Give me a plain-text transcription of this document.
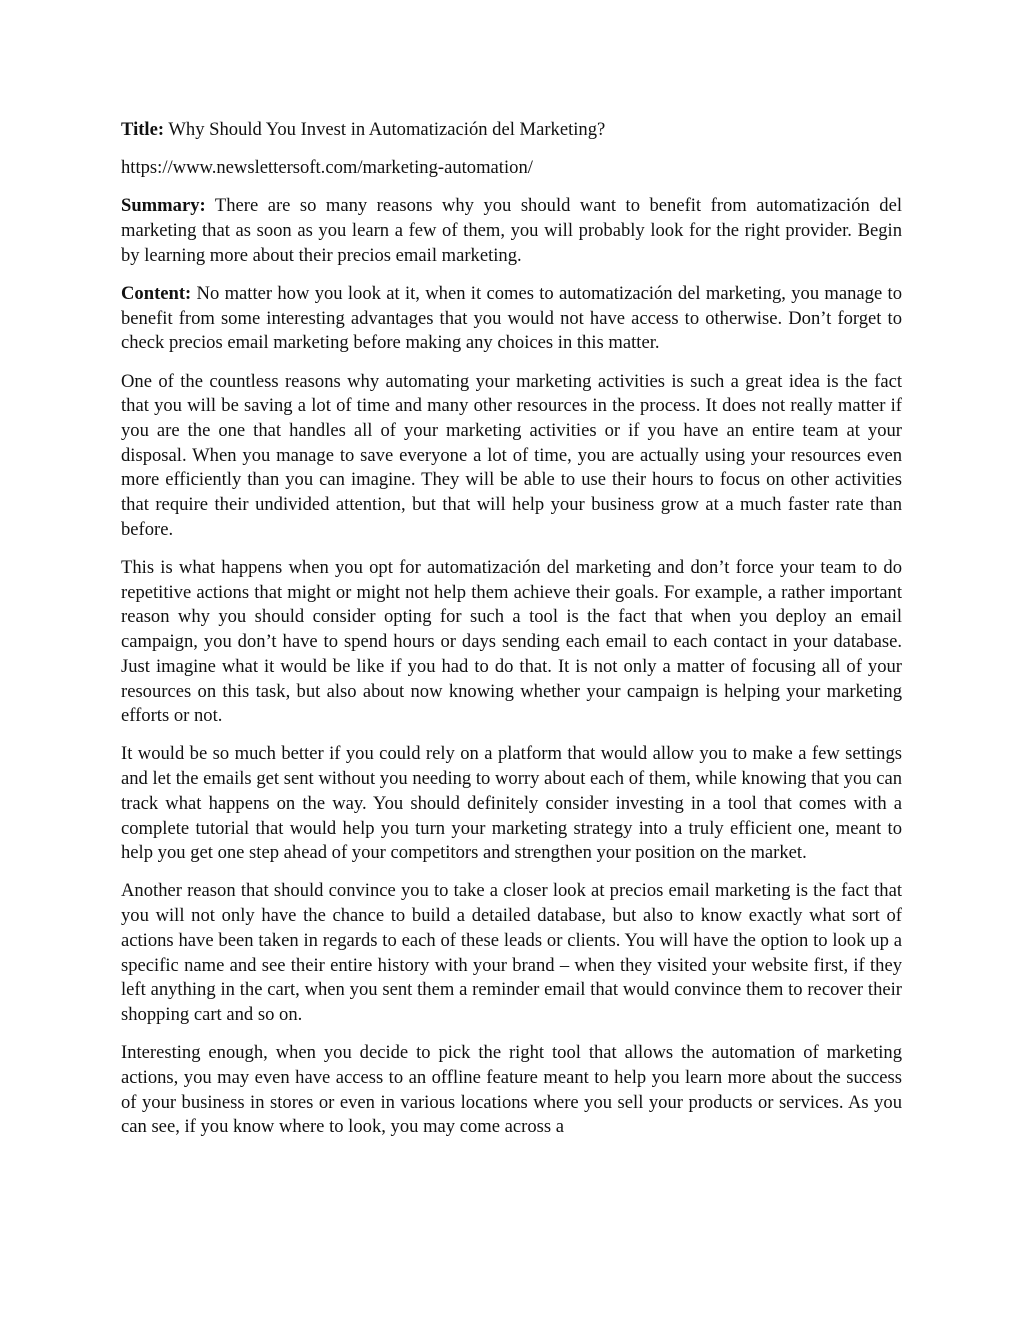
Title: Why Should You Invest in Automatización del Marketing?

https://www.newslettersoft.com/marketing-automation/

Summary: There are so many reasons why you should want to benefit from automatización del marketing that as soon as you learn a few of them, you will probably look for the right provider. Begin by learning more about their precios email marketing.

Content: No matter how you look at it, when it comes to automatización del marketing, you manage to benefit from some interesting advantages that you would not have access to otherwise. Don’t forget to check precios email marketing before making any choices in this matter.

One of the countless reasons why automating your marketing activities is such a great idea is the fact that you will be saving a lot of time and many other resources in the process. It does not really matter if you are the one that handles all of your marketing activities or if you have an entire team at your disposal. When you manage to save everyone a lot of time, you are actually using your resources even more efficiently than you can imagine. They will be able to use their hours to focus on other activities that require their undivided attention, but that will help your business grow at a much faster rate than before.

This is what happens when you opt for automatización del marketing and don’t force your team to do repetitive actions that might or might not help them achieve their goals. For example, a rather important reason why you should consider opting for such a tool is the fact that when you deploy an email campaign, you don’t have to spend hours or days sending each email to each contact in your database. Just imagine what it would be like if you had to do that. It is not only a matter of focusing all of your resources on this task, but also about now knowing whether your campaign is helping your marketing efforts or not.

It would be so much better if you could rely on a platform that would allow you to make a few settings and let the emails get sent without you needing to worry about each of them, while knowing that you can track what happens on the way. You should definitely consider investing in a tool that comes with a complete tutorial that would help you turn your marketing strategy into a truly efficient one, meant to help you get one step ahead of your competitors and strengthen your position on the market.

Another reason that should convince you to take a closer look at precios email marketing is the fact that you will not only have the chance to build a detailed database, but also to know exactly what sort of actions have been taken in regards to each of these leads or clients. You will have the option to look up a specific name and see their entire history with your brand – when they visited your website first, if they left anything in the cart, when you sent them a reminder email that would convince them to recover their shopping cart and so on.

Interesting enough, when you decide to pick the right tool that allows the automation of marketing actions, you may even have access to an offline feature meant to help you learn more about the success of your business in stores or even in various locations where you sell your products or services. As you can see, if you know where to look, you may come across a
